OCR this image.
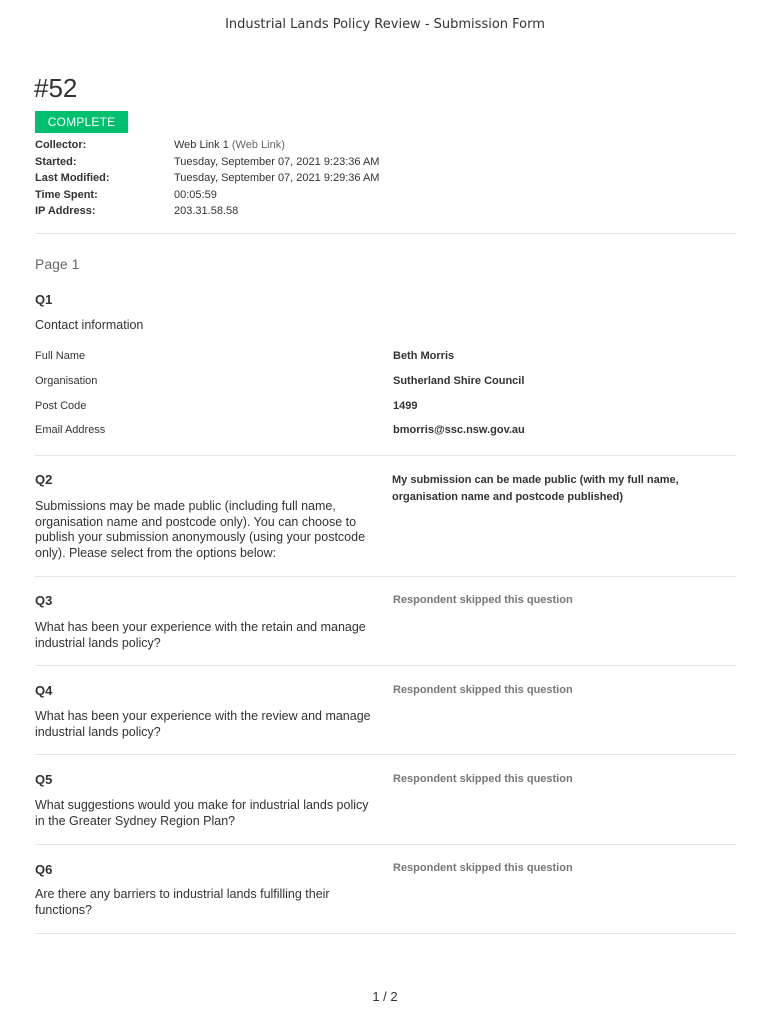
Industrial Lands Policy Review - Submission Form
#52
COMPLETE
Collector:	Web Link 1 (Web Link)
Started:	Tuesday, September 07, 2021 9:23:36 AM
Last Modified:	Tuesday, September 07, 2021 9:29:36 AM
Time Spent:	00:05:59
IP Address:	203.31.58.58
Page 1
Q1
Contact information
Full Name	Beth Morris
Organisation	Sutherland Shire Council
Post Code	1499
Email Address	bmorris@ssc.nsw.gov.au
Q2
Submissions may be made public (including full name, organisation name and postcode only). You can choose to publish your submission anonymously (using your postcode only). Please select from the options below:
My submission can be made public (with my full name, organisation name and postcode published)
Q3
What has been your experience with the retain and manage industrial lands policy?
Respondent skipped this question
Q4
What has been your experience with the review and manage industrial lands policy?
Respondent skipped this question
Q5
What suggestions would you make for industrial lands policy in the Greater Sydney Region Plan?
Respondent skipped this question
Q6
Are there any barriers to industrial lands fulfilling their functions?
Respondent skipped this question
1 / 2
